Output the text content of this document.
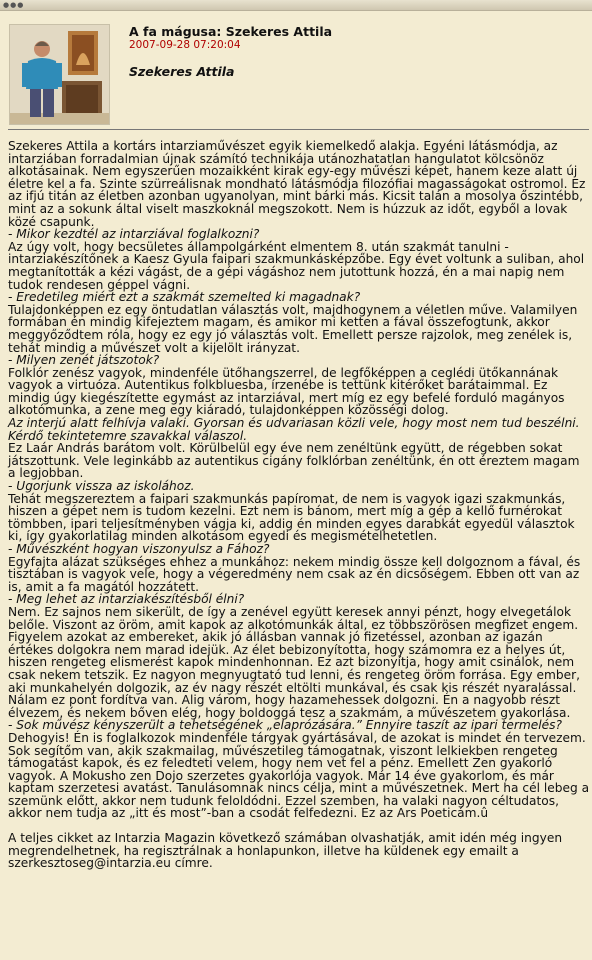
●●●
A fa mágusa: Szekeres Attila
2007-09-28 07:20:04
Szekeres Attila

Szekeres Attila a kortárs intarziaművészet egyik kiemelkedő alakja. Egyéni látásmódja, az intarziában forradalmian újnak számító technikája utánozhatatlan hangulatot kölcsönöz alkotásainak. Nem egyszerűen mozaikként kirak egy-egy művészi képet, hanem keze alatt új életre kel a fa. Szinte szürreálisnak mondható látásmódja filozófiai magasságokat ostromol. Ez az ifjú titán az életben azonban ugyanolyan, mint bárki más. Kicsit talán a mosolya őszintébb, mint az a sokunk által viselt maszkoknál megszokott. Nem is húzzuk az időt, egyből a lovak közé csapunk.

- Mikor kezdtél az intarziával foglalkozni?

Az úgy volt, hogy becsületes állampolgárként elmentem 8. után szakmát tanulni - intarziakészítőnek a Kaesz Gyula faipari szakmunkásképzőbe. Egy évet voltunk a suliban, ahol megtanították a kézi vágást, de a gépi vágáshoz nem jutottunk hozzá, én a mai napig nem tudok rendesen géppel vágni.

- Eredetileg miért ezt a szakmát szemelted ki magadnak?

Tulajdonképpen ez egy öntudatlan választás volt, majdhogynem a véletlen műve. Valamilyen formában én mindig kifejeztem magam, és amikor mi ketten a fával összefogtunk, akkor meggyőződtem róla, hogy ez egy jó választás volt. Emellett persze rajzolok, meg zenélek is, tehát mindig a művészet volt a kijelölt irányzat.

- Milyen zenét játszotok?

Folklór zenész vagyok, mindenféle ütőhangszerrel, de legfőképpen a ceglédi ütőkannának vagyok a virtuóza. Autentikus folkbluesba, írzenébe is tettünk kitérőket barátaimmal. Ez mindig úgy kiegészítette egymást az intarziával, mert míg ez egy befelé forduló magányos alkotómunka, a zene meg egy kiáradó, tulajdonképpen közösségi dolog.

Az interjú alatt felhívja valaki. Gyorsan és udvariasan közli vele, hogy most nem tud beszélni. Kérdő tekintetemre szavakkal válaszol.

Ez Laár András barátom volt. Körülbelül egy éve nem zenéltünk együtt, de régebben sokat játszottunk. Vele leginkább az autentikus cigány folklórban zenéltünk, én ott éreztem magam a legjobban.

- Ugorjunk vissza az iskolához.

Tehát megszereztem a faipari szakmunkás papíromat, de nem is vagyok igazi szakmunkás, hiszen a gépet nem is tudom kezelni. Ezt nem is bánom, mert míg a gép a kellő furnérokat tömbben, ipari teljesítményben vágja ki, addig én minden egyes darabkát egyedül választok ki, így gyakorlatilag minden alkotásom egyedi és megismételhetetlen.

- Művészként hogyan viszonyulsz a Fához?

Egyfajta alázat szükséges ehhez a munkához: nekem mindig össze kell dolgoznom a fával, és tisztában is vagyok vele, hogy a végeredmény nem csak az én dicsőségem. Ebben ott van az is, amit a fa magától hozzátett.

- Meg lehet az intarziakészítésből élni?

Nem. Ez sajnos nem sikerült, de így a zenével együtt keresek annyi pénzt, hogy elvegetálok belőle. Viszont az öröm, amit kapok az alkotómunkák által, ez többszörösen megfizet engem. Figyelem azokat az embereket, akik jó állásban vannak jó fizetéssel, azonban az igazán értékes dolgokra nem marad idejük. Az élet bebizonyította, hogy számomra ez a helyes út, hiszen rengeteg elismerést kapok mindenhonnan. Ez azt bizonyítja, hogy amit csinálok, nem csak nekem tetszik. Ez nagyon megnyugtató tud lenni, és rengeteg öröm forrása. Egy ember, aki munkahelyén dolgozik, az év nagy részét eltölti munkával, és csak kis részét nyaralással. Nálam ez pont fordítva van. Alig várom, hogy hazamehessek dolgozni. Én a nagyobb részt élvezem, és nekem bőven elég, hogy boldoggá tesz a szakmám, a művészetem gyakorlása.

- Sok művész kényszerült a tehetségének „elaprózására.” Ennyire taszít az ipari termelés?

Dehogyis! Én is foglalkozok mindenféle tárgyak gyártásával, de azokat is mindet én tervezem. Sok segítőm van, akik szakmailag, művészetileg támogatnak, viszont lelkiekben rengeteg támogatást kapok, és ez feledteti velem, hogy nem vet fel a pénz. Emellett Zen gyakorló vagyok. A Mokusho zen Dojo szerzetes gyakorlója vagyok. Már 14 éve gyakorlom, és már kaptam szerzetesi avatást. Tanulásomnak nincs célja, mint a művészetnek. Mert ha cél lebeg a szemünk előtt, akkor nem tudunk feloldódni. Ezzel szemben, ha valaki nagyon céltudatos, akkor nem tudja az „itt és most”-ban a csodát felfedezni. Ez az Ars Poeticám.û

A teljes cikket az Intarzia Magazin következő számában olvashatják, amit idén még ingyen megrendelhetnek, ha regisztrálnak a honlapunkon, illetve ha küldenek egy emailt a szerkesztoseg@intarzia.eu címre.
